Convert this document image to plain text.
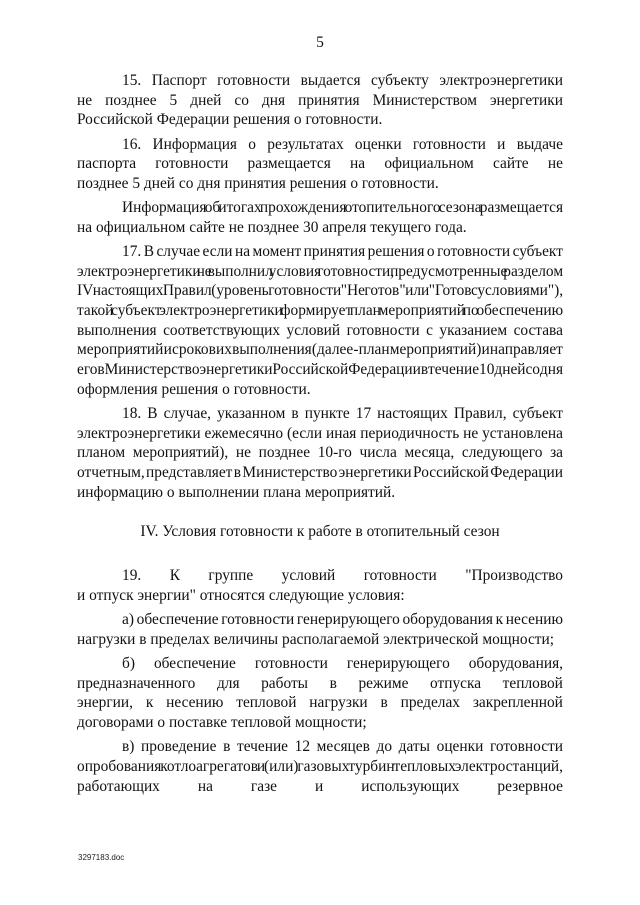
5
15. Паспорт готовности выдается субъекту электроэнергетики
не позднее 5 дней со дня принятия Министерством энергетики
Российской Федерации решения о готовности.
16. Информация о результатах оценки готовности и выдаче
паспорта готовности размещается на официальном сайте не
позднее 5 дней со дня принятия решения о готовности.
Информацияобитогахпрохожденияотопительногосезонаразмещается
на официальном сайте не позднее 30 апреля текущего года.
17. В случае если на момент принятия решения о готовности субъект
электроэнергетикиневыполнилусловияготовности,предусмотренныеразделом
IVнастоящихПравил(уровеньготовности"Неготов"или"Готовсусловиями"),
такойсубъектэлектроэнергетикиформируетпланмероприятийпообеспечению
выполнения соответствующих условий готовности с указанием состава
мероприятийисроковихвыполнения(далее-планмероприятий)инаправляет
еговМинистерствоэнергетикиРоссийскойФедерациивтечение10днейсодня
оформления решения о готовности.
18. В случае, указанном в пункте 17 настоящих Правил, субъект
электроэнергетики ежемесячно (если иная периодичность не установлена
планом мероприятий), не позднее 10-го числа месяца, следующего за
отчетным,представляетвМинистерствоэнергетикиРоссийскойФедерации
информацию о выполнении плана мероприятий.
IV. Условия готовности к работе в отопительный сезон
19. К группе условий готовности "Производство
и отпуск энергии" относятся следующие условия:
а) обеспечение готовности генерирующего оборудования к несению
нагрузки в пределах величины располагаемой электрической мощности;
б) обеспечение готовности генерирующего оборудования,
предназначенного для работы в режиме отпуска тепловой
энергии, к несению тепловой нагрузки в пределах закрепленной
договорами о поставке тепловой мощности;
в) проведение в течение 12 месяцев до даты оценки готовности
опробованиякотлоагрегатови(или)газовыхтурбинтепловыхэлектростанций,
работающих на газе и использующих резервное
3297183.doc
